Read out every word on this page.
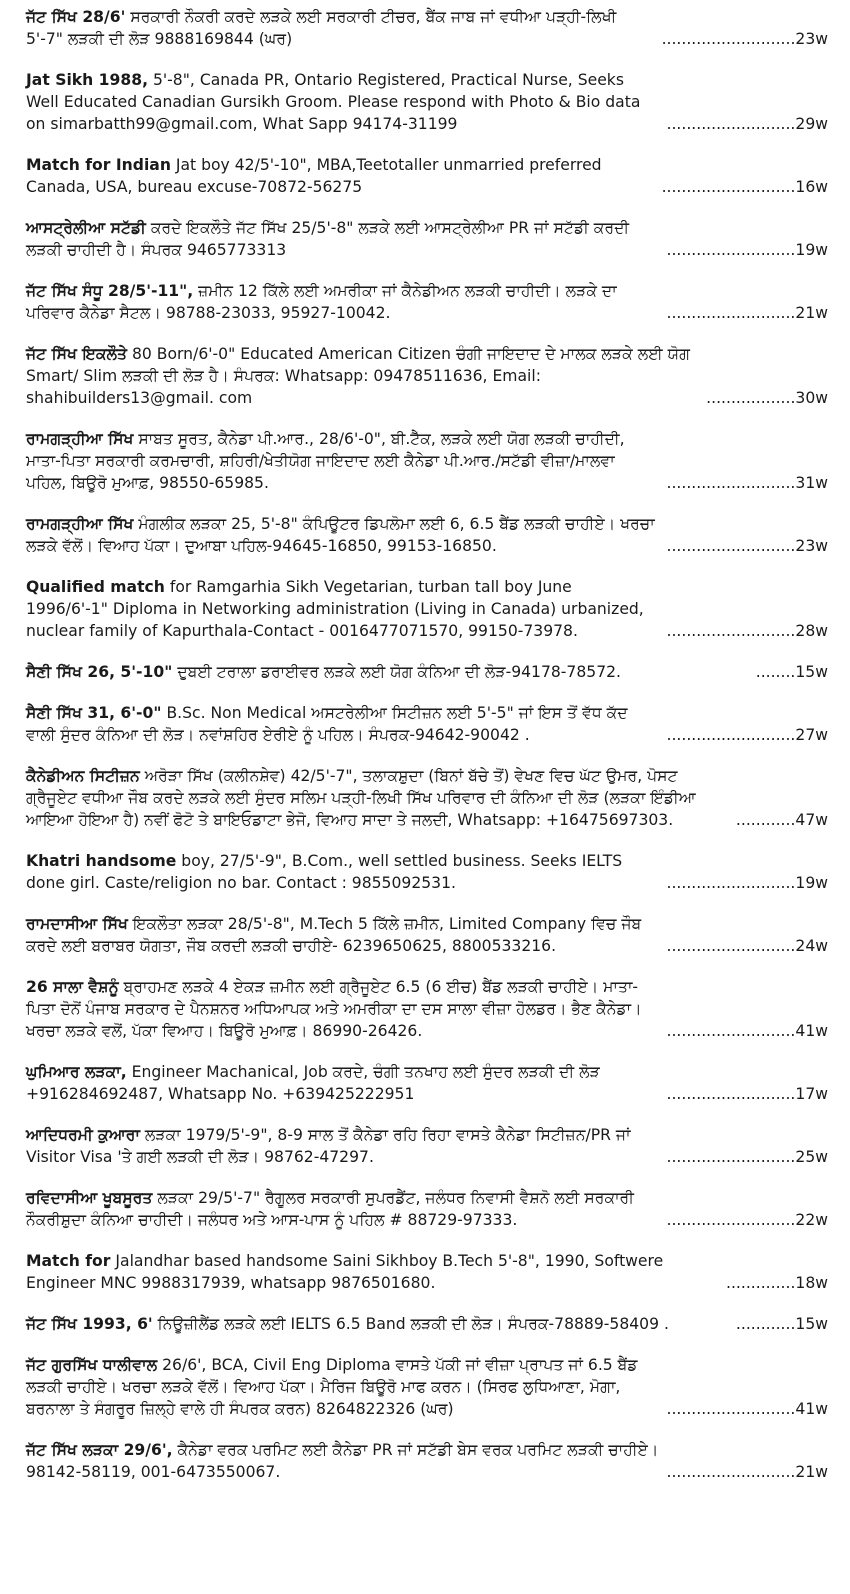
ਜੱਟ ਸਿੱਖ 28/6' ਸਰਕਾਰੀ ਨੌਕਰੀ ਕਰਦੇ ਲੜਕੇ ਲਈ ਸਰਕਾਰੀ ਟੀਚਰ, ਬੈਂਕ ਜਾਬ ਜਾਂ ਵਧੀਆ ਪੜ੍ਹੀ-ਲਿਖੀ 5'-7" ਲੜਕੀ ਦੀ ਲੋੜ 9888169844 (ਘਰ)	...........................23w
Jat Sikh 1988, 5'-8", Canada PR, Ontario Registered, Practical Nurse, Seeks Well Educated Canadian Gursikh Groom. Please respond with Photo & Bio data on simarbatth99@gmail.com, What Sapp 94174-31199	..........................29w
Match for Indian Jat boy 42/5'-10", MBA,Teetotaller unmarried preferred Canada, USA, bureau excuse-70872-56275	...........................16w
ਆਸਟ੍ਰੇਲੀਆ ਸਟੱਡੀ ਕਰਦੇ ਇਕਲੌਤੇ ਜੱਟ ਸਿੱਖ 25/5'-8" ਲੜਕੇ ਲਈ ਆਸਟ੍ਰੇਲੀਆ PR ਜਾਂ ਸਟੱਡੀ ਕਰਦੀ ਲੜਕੀ ਚਾਹੀਦੀ ਹੈ। ਸੰਪਰਕ 9465773313	..........................19w
ਜੱਟ ਸਿੱਖ ਸੰਧੂ 28/5'-11", ਜ਼ਮੀਨ 12 ਕਿੱਲੇ ਲਈ ਅਮਰੀਕਾ ਜਾਂ ਕੈਨੇਡੀਅਨ ਲੜਕੀ ਚਾਹੀਦੀ। ਲੜਕੇ ਦਾ ਪਰਿਵਾਰ ਕੈਨੇਡਾ ਸੈਟਲ। 98788-23033, 95927-10042.	..........................21w
ਜੱਟ ਸਿੱਖ ਇਕਲੌਤੇ 80 Born/6'-0" Educated American Citizen ਚੰਗੀ ਜਾਇਦਾਦ ਦੇ ਮਾਲਕ ਲੜਕੇ ਲਈ ਯੋਗ Smart/ Slim ਲੜਕੀ ਦੀ ਲੋੜ ਹੈ। ਸੰਪਰਕ: Whatsapp: 09478511636, Email: shahibuilders13@gmail. com	..................30w
ਰਾਮਗੜ੍ਹੀਆ ਸਿੱਖ ਸਾਬਤ ਸੂਰਤ, ਕੈਨੇਡਾ ਪੀ.ਆਰ., 28/6'-0", ਬੀ.ਟੈੱਕ, ਲੜਕੇ ਲਈ ਯੋਗ ਲੜਕੀ ਚਾਹੀਦੀ, ਮਾਤਾ-ਪਿਤਾ ਸਰਕਾਰੀ ਕਰਮਚਾਰੀ, ਸ਼ਹਿਰੀ/ਖੇਤੀਯੋਗ ਜਾਇਦਾਦ ਲਈ ਕੈਨੇਡਾ ਪੀ.ਆਰ./ਸਟੱਡੀ ਵੀਜ਼ਾ/ਮਾਲਵਾ ਪਹਿਲ, ਬਿਊਰੋ ਮੁਆਫ਼, 98550-65985.	..........................31w
ਰਾਮਗੜ੍ਹੀਆ ਸਿੱਖ ਮੰਗਲੀਕ ਲੜਕਾ 25, 5'-8" ਕੰਪਿਊਟਰ ਡਿਪਲੋਮਾ ਲਈ 6, 6.5 ਬੈਂਡ ਲੜਕੀ ਚਾਹੀਏ। ਖਰਚਾ ਲੜਕੇ ਵੱਲੋਂ। ਵਿਆਹ ਪੱਕਾ। ਦੁਆਬਾ ਪਹਿਲ-94645-16850, 99153-16850.	..........................23w
Qualified match for Ramgarhia Sikh Vegetarian, turban tall boy June 1996/6'-1" Diploma in Networking administration (Living in Canada) urbanized, nuclear family of Kapurthala-Contact - 0016477071570, 99150-73978.	..........................28w
ਸੈਣੀ ਸਿੱਖ 26, 5'-10" ਦੁਬਈ ਟਰਾਲਾ ਡਰਾਈਵਰ ਲੜਕੇ ਲਈ ਯੋਗ ਕੰਨਿਆ ਦੀ ਲੋੜ-94178-78572.	........15w
ਸੈਣੀ ਸਿੱਖ 31, 6'-0" B.Sc. Non Medical ਅਸਟਰੇਲੀਆ ਸਿਟੀਜ਼ਨ ਲਈ 5'-5" ਜਾਂ ਇਸ ਤੋਂ ਵੱਧ ਕੱਦ ਵਾਲੀ ਸੁੰਦਰ ਕੰਨਿਆ ਦੀ ਲੋੜ। ਨਵਾਂਸ਼ਹਿਰ ਏਰੀਏ ਨੂੰ ਪਹਿਲ। ਸੰਪਰਕ-94642-90042 .	..........................27w
ਕੈਨੇਡੀਅਨ ਸਿਟੀਜ਼ਨ ਅਰੋੜਾ ਸਿੱਖ (ਕਲੀਨਸ਼ੇਵ) 42/5'-7", ਤਲਾਕਸ਼ੁਦਾ (ਬਿਨਾਂ ਬੱਚੇ ਤੋਂ) ਵੇਖਣ ਵਿਚ ਘੱਟ ਉਮਰ, ਪੋਸਟ ਗ੍ਰੈਜੂਏਟ ਵਧੀਆ ਜੌਬ ਕਰਦੇ ਲੜਕੇ ਲਈ ਸੁੰਦਰ ਸਲਿਮ ਪੜ੍ਹੀ-ਲਿਖੀ ਸਿੱਖ ਪਰਿਵਾਰ ਦੀ ਕੰਨਿਆ ਦੀ ਲੋੜ (ਲੜਕਾ ਇੰਡੀਆ ਆਇਆ ਹੋਇਆ ਹੈ) ਨਵੀਂ ਫੋਟੋ ਤੇ ਬਾਇਓਡਾਟਾ ਭੇਜੋ, ਵਿਆਹ ਸਾਦਾ ਤੇ ਜਲਦੀ, Whatsapp: +16475697303.	............47w
Khatri handsome boy, 27/5'-9", B.Com., well settled business. Seeks IELTS done girl. Caste/religion no bar. Contact : 9855092531.	..........................19w
ਰਾਮਦਾਸੀਆ ਸਿੱਖ ਇਕਲੌਤਾ ਲੜਕਾ 28/5'-8", M.Tech 5 ਕਿੱਲੇ ਜ਼ਮੀਨ, Limited Company ਵਿਚ ਜੌਬ ਕਰਦੇ ਲਈ ਬਰਾਬਰ ਯੋਗਤਾ, ਜੌਬ ਕਰਦੀ ਲੜਕੀ ਚਾਹੀਏ- 6239650625, 8800533216.	..........................24w
26 ਸਾਲਾ ਵੈਸ਼ਨੂੰ ਬ੍ਰਾਹਮਣ ਲੜਕੇ 4 ਏਕੜ ਜ਼ਮੀਨ ਲਈ ਗ੍ਰੈਜੂਏਟ 6.5 (6 ਈਚ) ਬੈਂਡ ਲੜਕੀ ਚਾਹੀਏ। ਮਾਤਾ-ਪਿਤਾ ਦੋਨੋਂ ਪੰਜਾਬ ਸਰਕਾਰ ਦੇ ਪੈਨਸ਼ਨਰ ਅਧਿਆਪਕ ਅਤੇ ਅਮਰੀਕਾ ਦਾ ਦਸ ਸਾਲਾ ਵੀਜ਼ਾ ਹੋਲਡਰ। ਭੈਣ ਕੈਨੇਡਾ। ਖਰਚਾ ਲੜਕੇ ਵਲੋਂ, ਪੱਕਾ ਵਿਆਹ। ਬਿਊਰੋ ਮੁਆਫ਼। 86990-26426.	..........................41w
ਘੁਮਿਆਰ ਲੜਕਾ, Engineer Machanical, Job ਕਰਦੇ, ਚੰਗੀ ਤਨਖਾਹ ਲਈ ਸੁੰਦਰ ਲੜਕੀ ਦੀ ਲੋੜ +916284692487, Whatsapp No. +639425222951	..........................17w
ਆਦਿਧਰਮੀ ਕੁਆਰਾ ਲੜਕਾ 1979/5'-9", 8-9 ਸਾਲ ਤੋਂ ਕੈਨੇਡਾ ਰਹਿ ਰਿਹਾ ਵਾਸਤੇ ਕੈਨੇਡਾ ਸਿਟੀਜ਼ਨ/PR ਜਾਂ Visitor Visa 'ਤੇ ਗਈ ਲੜਕੀ ਦੀ ਲੋੜ। 98762-47297.	..........................25w
ਰਵਿਦਾਸੀਆ ਖੂਬਸੂਰਤ ਲੜਕਾ 29/5'-7" ਰੈਗੂਲਰ ਸਰਕਾਰੀ ਸੁਪਰਡੈਂਟ, ਜਲੰਧਰ ਨਿਵਾਸੀ ਵੈਸ਼ਨੋ ਲਈ ਸਰਕਾਰੀ ਨੌਕਰੀਸ਼ੁਦਾ ਕੰਨਿਆ ਚਾਹੀਦੀ। ਜਲੰਧਰ ਅਤੇ ਆਸ-ਪਾਸ ਨੂੰ ਪਹਿਲ # 88729-97333.	..........................22w
Match for Jalandhar based handsome Saini Sikhboy B.Tech 5'-8", 1990, Softwere Engineer MNC 9988317939, whatsapp 9876501680.	..............18w
ਜੱਟ ਸਿੱਖ 1993, 6' ਨਿਊਜ਼ੀਲੈਂਡ ਲੜਕੇ ਲਈ IELTS 6.5 Band ਲੜਕੀ ਦੀ ਲੋੜ। ਸੰਪਰਕ-78889-58409 .	............15w
ਜੱਟ ਗੁਰਸਿੱਖ ਧਾਲੀਵਾਲ 26/6', BCA, Civil Eng Diploma ਵਾਸਤੇ ਪੱਕੀ ਜਾਂ ਵੀਜ਼ਾ ਪ੍ਰਾਪਤ ਜਾਂ 6.5 ਬੈਂਡ ਲੜਕੀ ਚਾਹੀਏ। ਖਰਚਾ ਲੜਕੇ ਵੱਲੋਂ। ਵਿਆਹ ਪੱਕਾ। ਮੈਰਿਜ ਬਿਊਰੋ ਮਾਫ ਕਰਨ। (ਸਿਰਫ ਲੁਧਿਆਣਾ, ਮੋਗਾ, ਬਰਨਾਲਾ ਤੇ ਸੰਗਰੂਰ ਜ਼ਿਲ੍ਹੇ ਵਾਲੇ ਹੀ ਸੰਪਰਕ ਕਰਨ) 8264822326 (ਘਰ)	..........................41w
ਜੱਟ ਸਿੱਖ ਲੜਕਾ 29/6', ਕੈਨੇਡਾ ਵਰਕ ਪਰਮਿਟ ਲਈ ਕੈਨੇਡਾ PR ਜਾਂ ਸਟੱਡੀ ਬੇਸ ਵਰਕ ਪਰਮਿਟ ਲੜਕੀ ਚਾਹੀਏ। 98142-58119, 001-6473550067.	..........................21w
